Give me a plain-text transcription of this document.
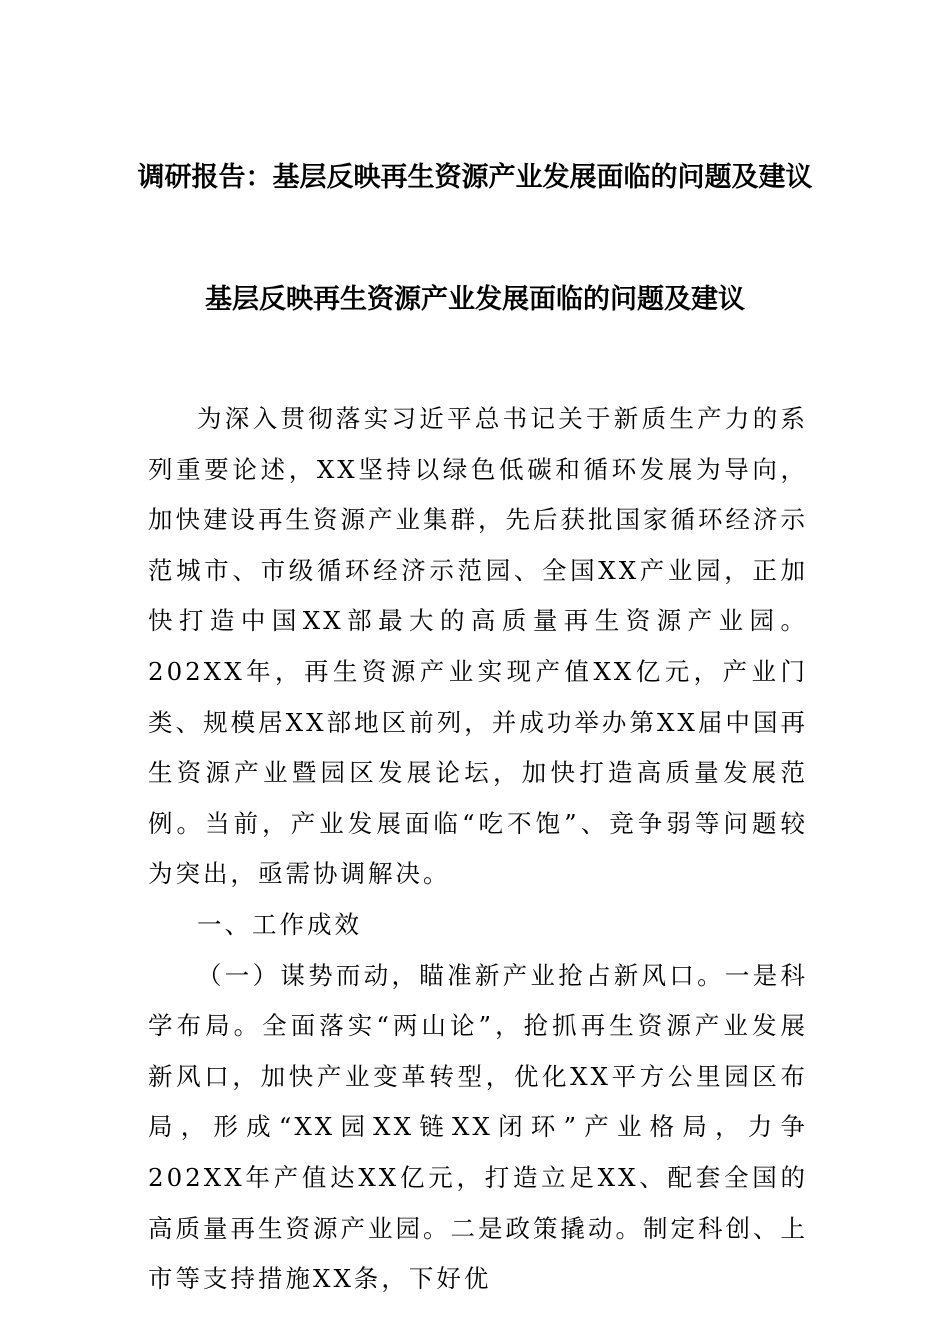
调研报告：基层反映再生资源产业发展面临的问题及建议
基层反映再生资源产业发展面临的问题及建议

为深入贯彻落实习近平总书记关于新质生产力的系列重要论述，XX坚持以绿色低碳和循环发展为导向，加快建设再生资源产业集群，先后获批国家循环经济示范城市、市级循环经济示范园、全国XX产业园，正加快打造中国XX部最大的高质量再生资源产业园。202XX年，再生资源产业实现产值XX亿元，产业门类、规模居XX部地区前列，并成功举办第XX届中国再生资源产业暨园区发展论坛，加快打造高质量发展范例。当前，产业发展面临“吃不饱”、竞争弱等问题较为突出，亟需协调解决。

一、工作成效

（一）谋势而动，瞄准新产业抢占新风口。一是科学布局。全面落实“两山论”，抢抓再生资源产业发展新风口，加快产业变革转型，优化XX平方公里园区布局，形成“XX园XX链XX闭环”产业格局，力争202XX年产值达XX亿元，打造立足XX、配套全国的高质量再生资源产业园。二是政策撬动。制定科创、上市等支持措施XX条，下好优
